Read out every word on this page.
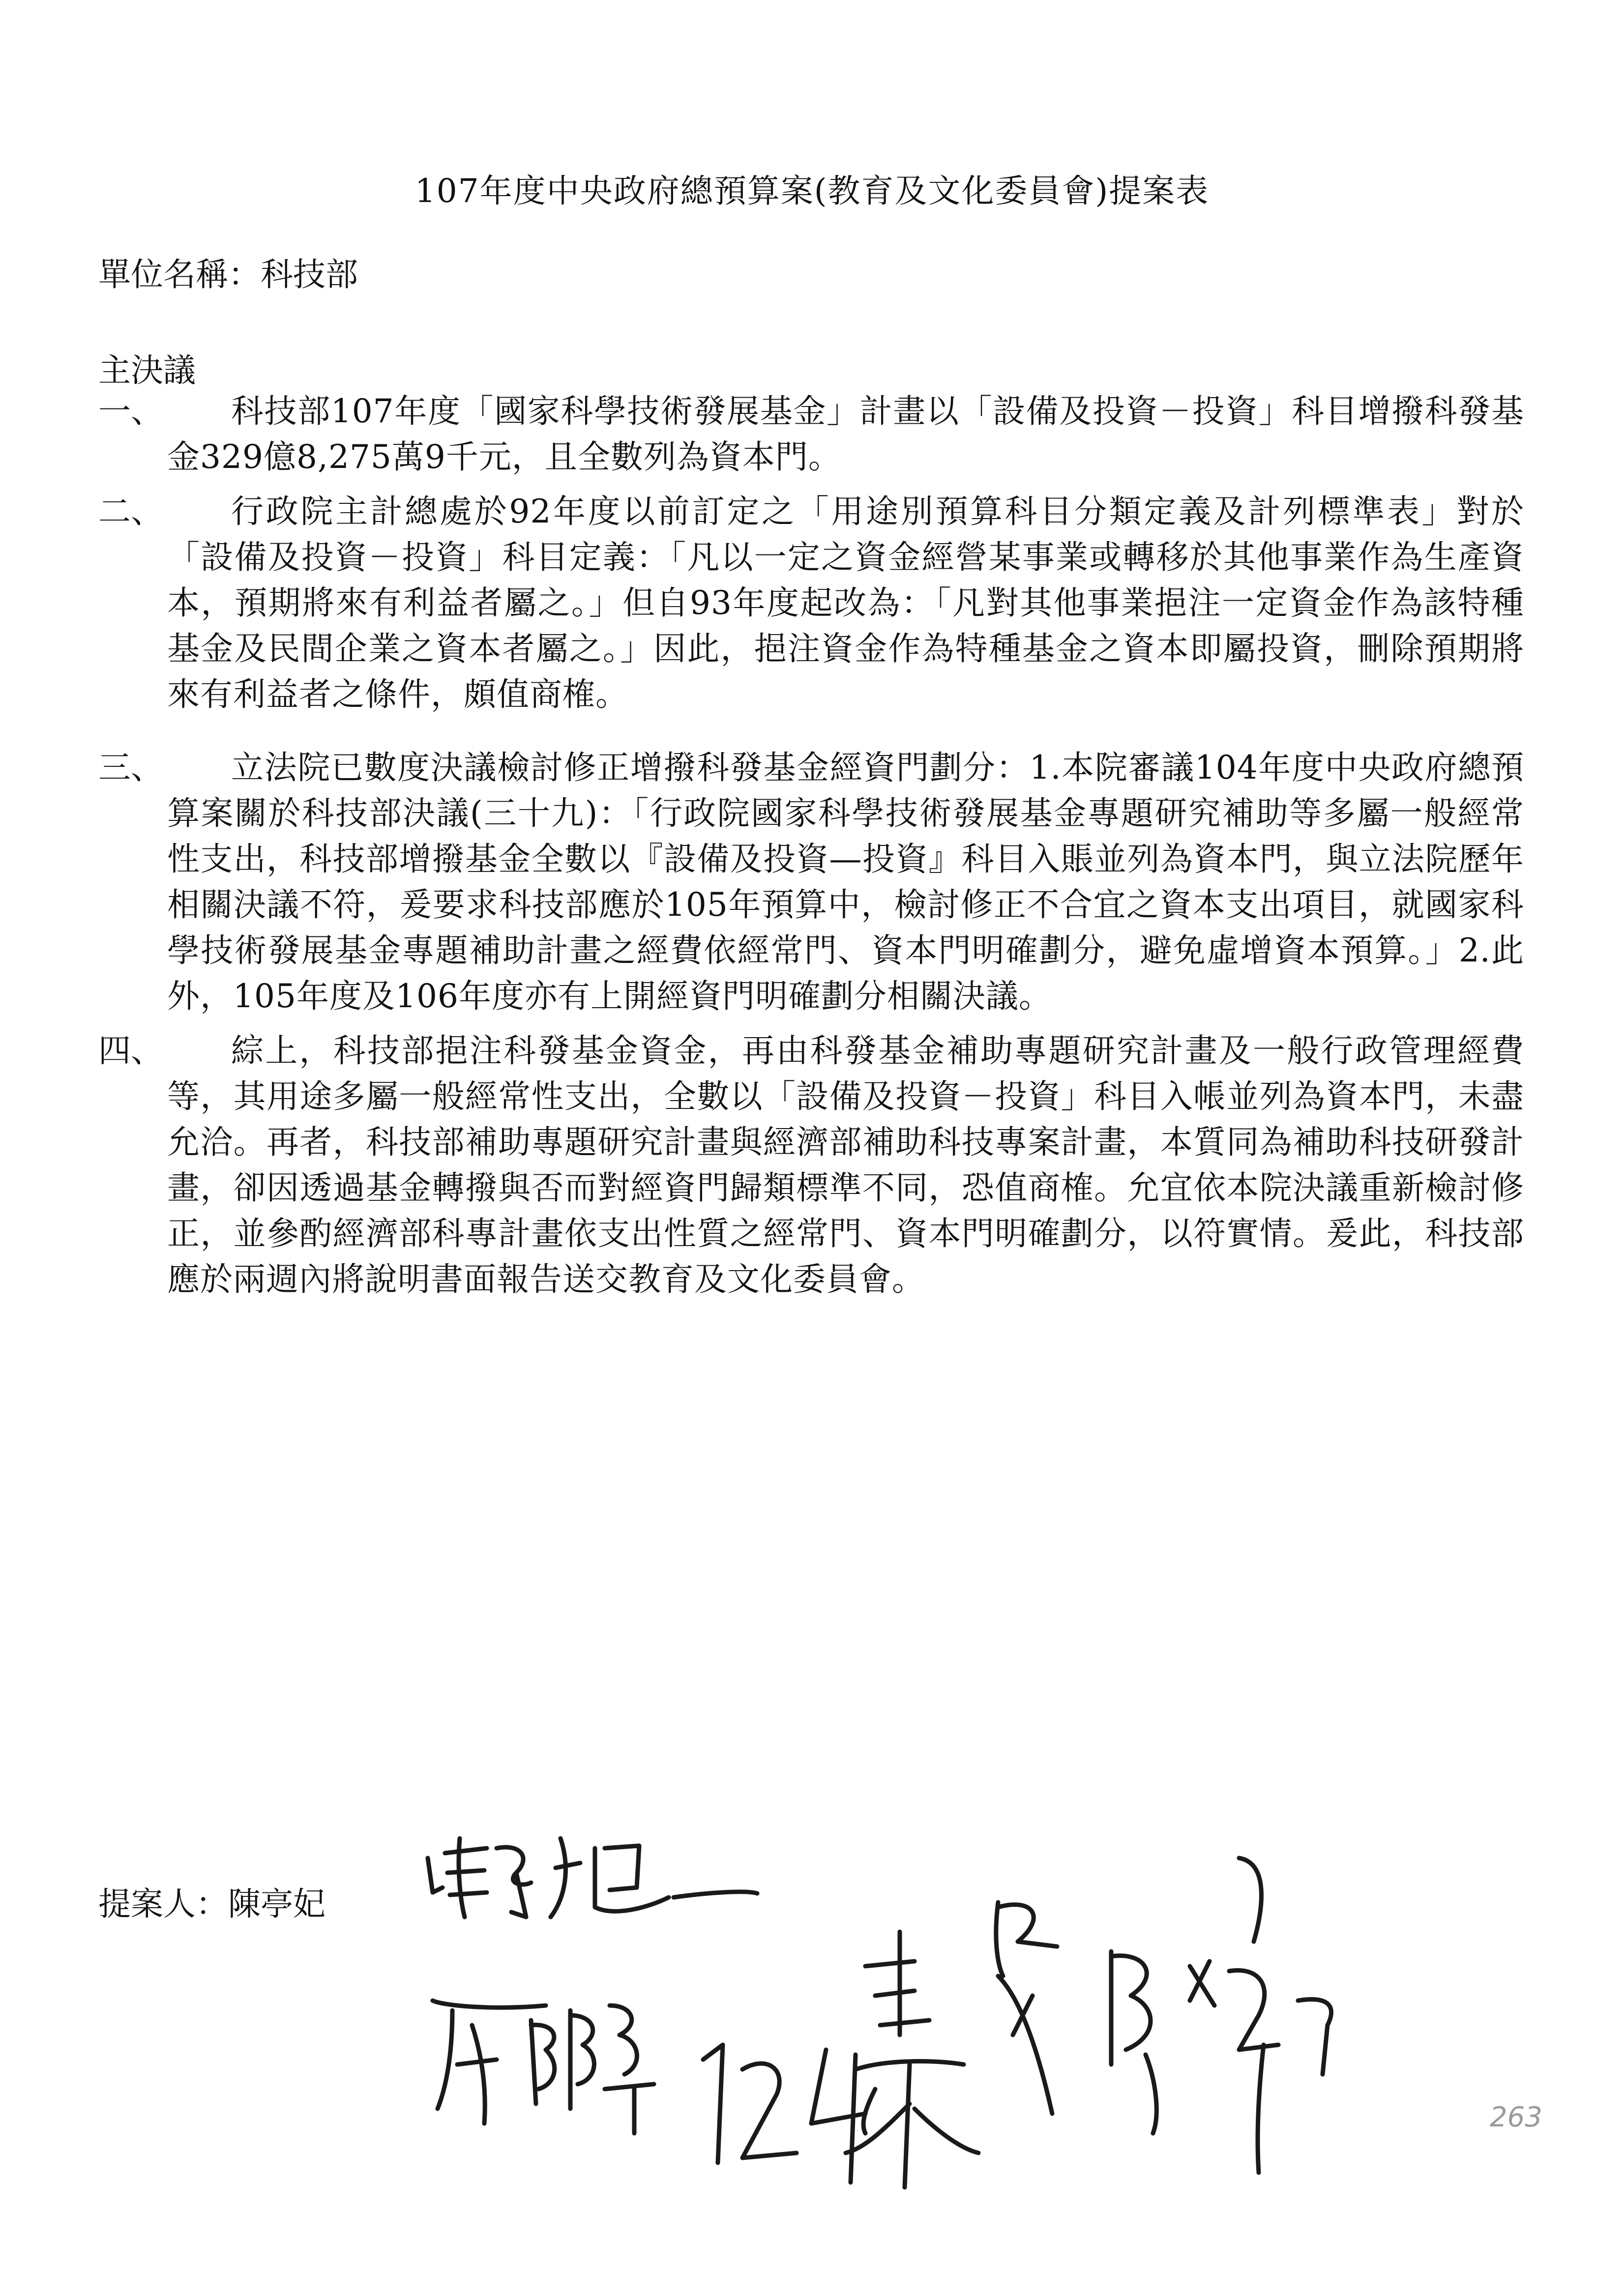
107年度中央政府總預算案(教育及文化委員會)提案表
單位名稱：科技部
主決議
一、	科技部107年度「國家科學技術發展基金」計畫以「設備及投資－投資」科目增撥科發基金329億8,275萬9千元，且全數列為資本門。
二、	行政院主計總處於92年度以前訂定之「用途別預算科目分類定義及計列標準表」對於「設備及投資－投資」科目定義：「凡以一定之資金經營某事業或轉移於其他事業作為生產資本，預期將來有利益者屬之。」但自93年度起改為：「凡對其他事業挹注一定資金作為該特種基金及民間企業之資本者屬之。」因此，挹注資金作為特種基金之資本即屬投資，刪除預期將來有利益者之條件，頗值商榷。
三、	立法院已數度決議檢討修正增撥科發基金經資門劃分：1.本院審議104年度中央政府總預算案關於科技部決議(三十九)：「行政院國家科學技術發展基金專題研究補助等多屬一般經常性支出，科技部增撥基金全數以『設備及投資—投資』科目入賬並列為資本門，與立法院歷年相關決議不符，爰要求科技部應於105年預算中，檢討修正不合宜之資本支出項目，就國家科學技術發展基金專題補助計畫之經費依經常門、資本門明確劃分，避免虛增資本預算。」2.此外，105年度及106年度亦有上開經資門明確劃分相關決議。
四、	綜上，科技部挹注科發基金資金，再由科發基金補助專題研究計畫及一般行政管理經費等，其用途多屬一般經常性支出，全數以「設備及投資－投資」科目入帳並列為資本門，未盡允洽。再者，科技部補助專題研究計畫與經濟部補助科技專案計畫，本質同為補助科技研發計畫，卻因透過基金轉撥與否而對經資門歸類標準不同，恐值商榷。允宜依本院決議重新檢討修正，並參酌經濟部科專計畫依支出性質之經常門、資本門明確劃分，以符實情。爰此，科技部應於兩週內將說明書面報告送交教育及文化委員會。
提案人：陳亭妃
263
